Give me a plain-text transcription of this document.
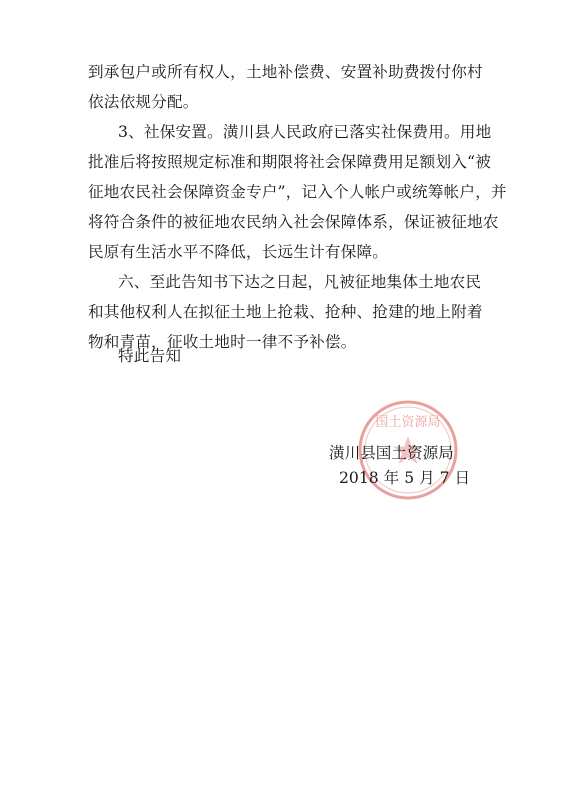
到承包户或所有权人，土地补偿费、安置补助费拨付你村
依法依规分配。
3、社保安置。潢川县人民政府已落实社保费用。用地
批准后将按照规定标准和期限将社会保障费用足额划入“被
征地农民社会保障资金专户”，记入个人帐户或统筹帐户，并
将符合条件的被征地农民纳入社会保障体系，保证被征地农
民原有生活水平不降低，长远生计有保障。
六、至此告知书下达之日起，凡被征地集体土地农民
和其他权利人在拟征土地上抢栽、抢种、抢建的地上附着
物和青苗，征收土地时一律不予补偿。
特此告知
国土资源局
潢川县国土资源局
2018 年 5 月 7 日
